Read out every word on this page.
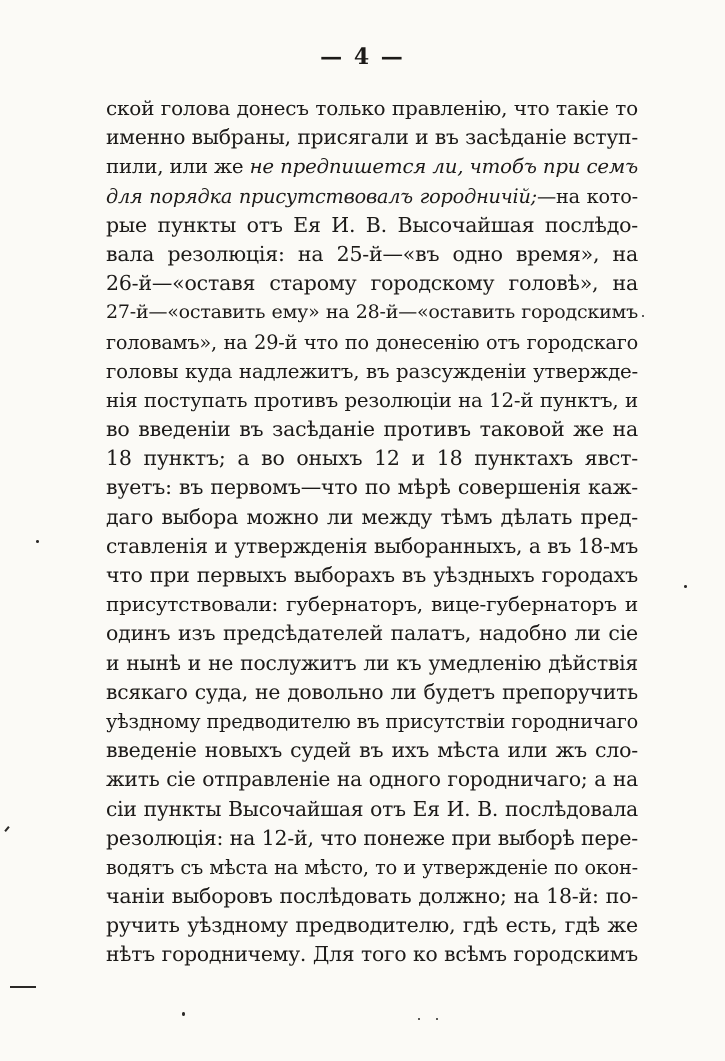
— 4 —
ской голова донесъ только правленію, что такіе то
именно выбраны, присягали и въ засѣданіе вступ-
пили, или же не предпишется ли, чтобъ при семъ
для порядка присутствовалъ городничій;—на кото-
рые пункты отъ Ея И. В. Высочайшая послѣдо-
вала резолюція: на 25-й—«въ одно время», на
26-й—«оставя старому городскому головѣ», на
27-й—«оставить ему» на 28-й—«оставить городскимъ
головамъ», на 29-й что по донесенію отъ городскаго
головы куда надлежитъ, въ разсужденіи утвержде-
нія поступать противъ резолюціи на 12-й пунктъ, и
во введеніи въ засѣданіе противъ таковой же на
18 пунктъ; а во оныхъ 12 и 18 пунктахъ явст-
вуетъ: въ первомъ—что по мѣрѣ совершенія каж-
даго выбора можно ли между тѣмъ дѣлать пред-
ставленія и утвержденія выборанныхъ, а въ 18-мъ
что при первыхъ выборахъ въ уѣздныхъ городахъ
присутствовали: губернаторъ, вице-губернаторъ и
одинъ изъ предсѣдателей палатъ, надобно ли сіе
и нынѣ и не послужитъ ли къ умедленію дѣйствія
всякаго суда, не довольно ли будетъ препоручить
уѣздному предводителю въ присутствіи городничаго
введеніе новыхъ судей въ ихъ мѣста или жъ сло-
жить сіе отправленіе на одного городничаго; а на
сіи пункты Высочайшая отъ Ея И. В. послѣдовала
резолюція: на 12-й, что понеже при выборѣ пере-
водятъ съ мѣста на мѣсто, то и утвержденіе по окон-
чаніи выборовъ послѣдовать должно; на 18-й: по-
ручить уѣздному предводителю, гдѣ есть, гдѣ же
нѣтъ городничему. Для того ко всѣмъ городскимъ
